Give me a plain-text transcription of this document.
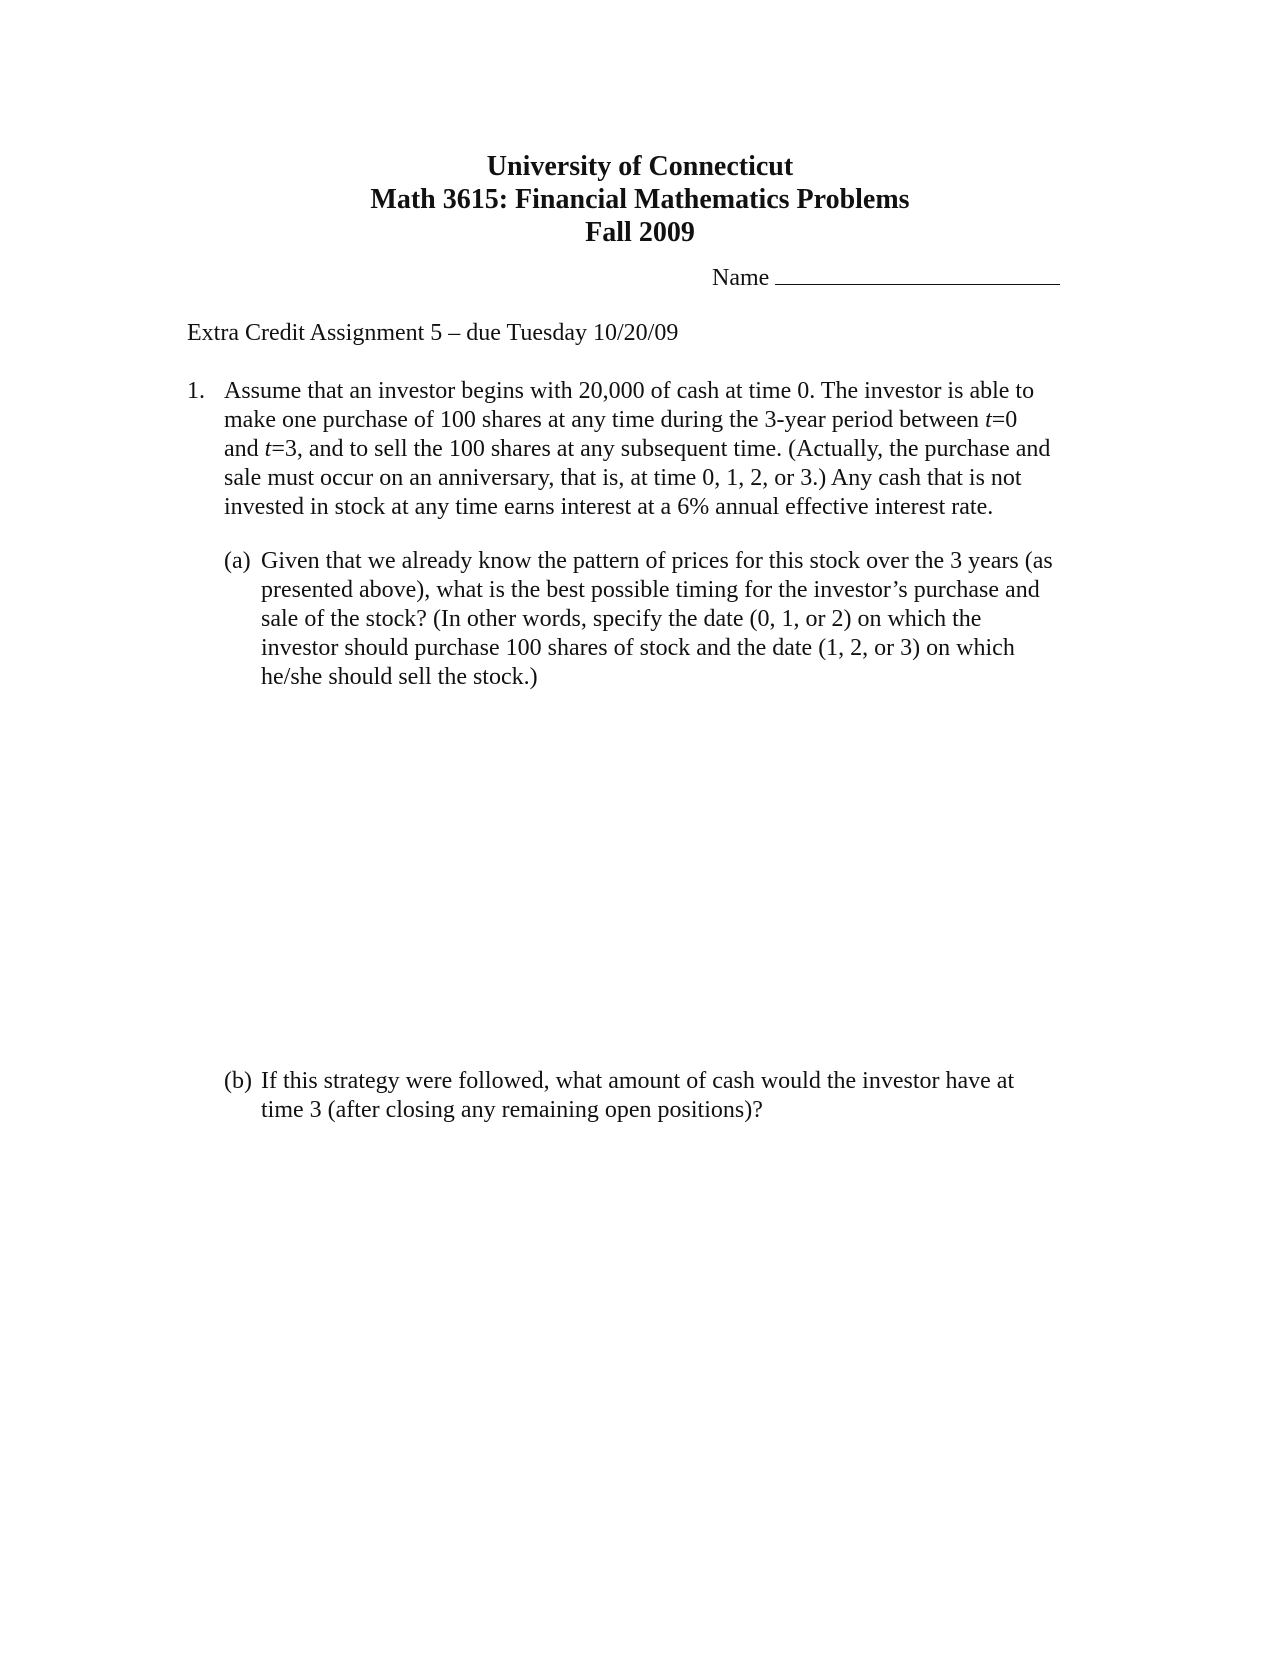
University of Connecticut
Math 3615: Financial Mathematics Problems
Fall 2009
Name
Extra Credit Assignment 5 – due Tuesday 10/20/09
1. Assume that an investor begins with 20,000 of cash at time 0. The investor is able to
make one purchase of 100 shares at any time during the 3-year period between t=0
and t=3, and to sell the 100 shares at any subsequent time. (Actually, the purchase and
sale must occur on an anniversary, that is, at time 0, 1, 2, or 3.) Any cash that is not
invested in stock at any time earns interest at a 6% annual effective interest rate.
(a) Given that we already know the pattern of prices for this stock over the 3 years (as
presented above), what is the best possible timing for the investor’s purchase and
sale of the stock? (In other words, specify the date (0, 1, or 2) on which the
investor should purchase 100 shares of stock and the date (1, 2, or 3) on which
he/she should sell the stock.)
(b) If this strategy were followed, what amount of cash would the investor have at
time 3 (after closing any remaining open positions)?
